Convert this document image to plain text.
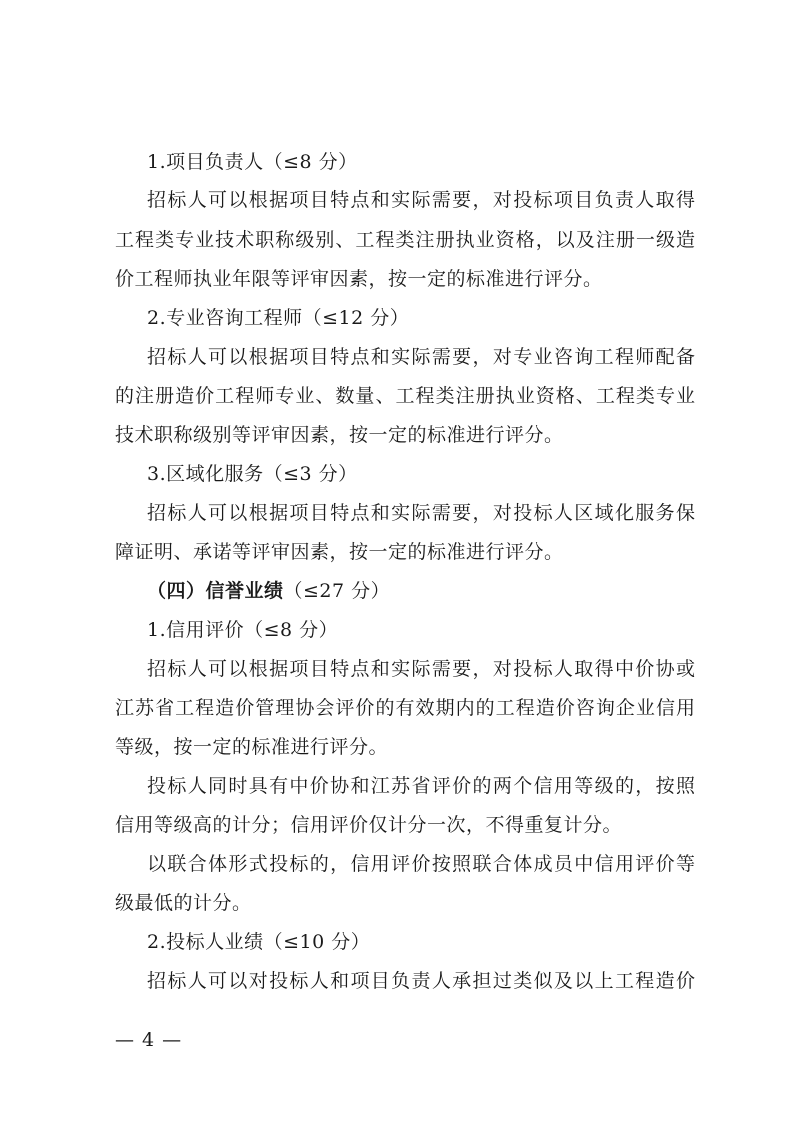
1.项目负责人（≤8 分）
招标人可以根据项目特点和实际需要，对投标项目负责人取得
工程类专业技术职称级别、工程类注册执业资格，以及注册一级造
价工程师执业年限等评审因素，按一定的标准进行评分。
2.专业咨询工程师（≤12 分）
招标人可以根据项目特点和实际需要，对专业咨询工程师配备
的注册造价工程师专业、数量、工程类注册执业资格、工程类专业
技术职称级别等评审因素，按一定的标准进行评分。
3.区域化服务（≤3 分）
招标人可以根据项目特点和实际需要，对投标人区域化服务保
障证明、承诺等评审因素，按一定的标准进行评分。
（四）信誉业绩（≤27 分）
1.信用评价（≤8 分）
招标人可以根据项目特点和实际需要，对投标人取得中价协或
江苏省工程造价管理协会评价的有效期内的工程造价咨询企业信用
等级，按一定的标准进行评分。
投标人同时具有中价协和江苏省评价的两个信用等级的，按照
信用等级高的计分；信用评价仅计分一次，不得重复计分。
以联合体形式投标的，信用评价按照联合体成员中信用评价等
级最低的计分。
2.投标人业绩（≤10 分）
招标人可以对投标人和项目负责人承担过类似及以上工程造价
— 4 —
